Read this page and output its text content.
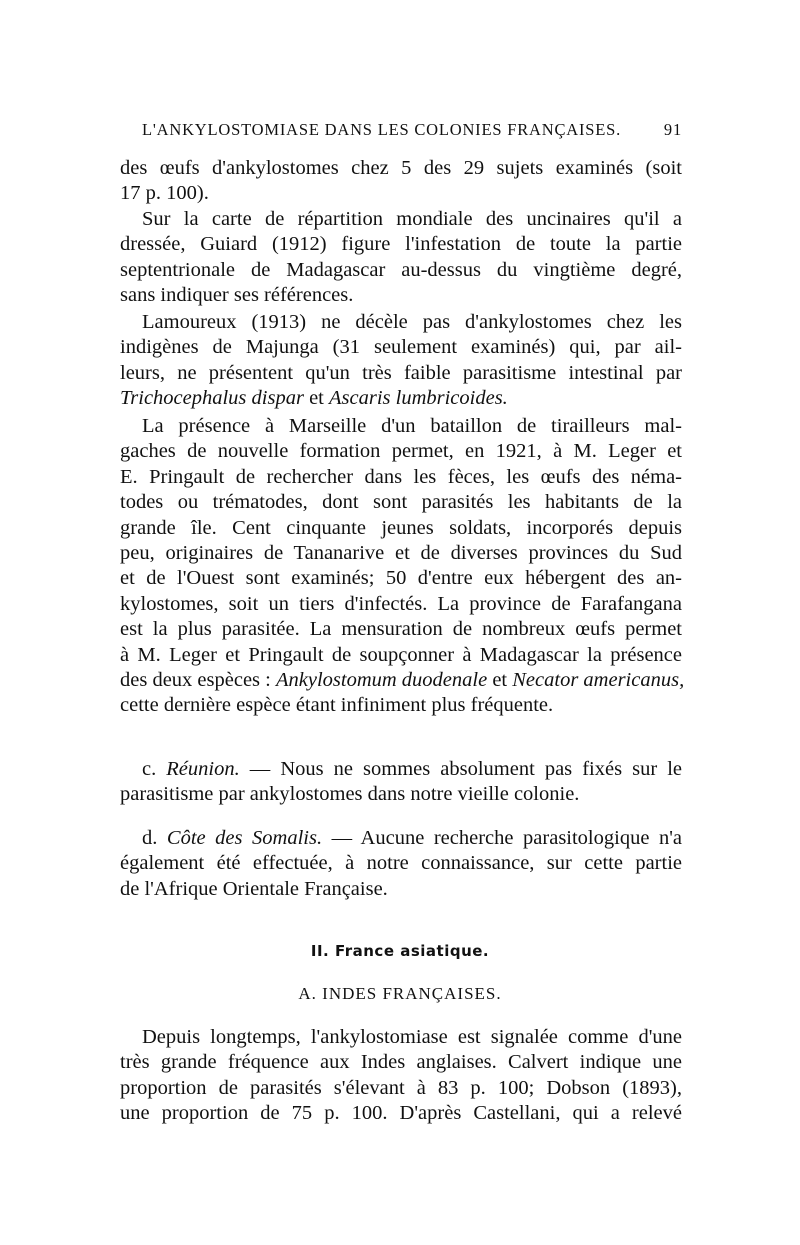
L'ANKYLOSTOMIASE DANS LES COLONIES FRANÇAISES.	91
des œufs d'ankylostomes chez 5 des 29 sujets examinés (soit
17 p. 100).
Sur la carte de répartition mondiale des uncinaires qu'il a
dressée, Guiard (1912) figure l'infestation de toute la partie
septentrionale de Madagascar au-dessus du vingtième degré,
sans indiquer ses références.
Lamoureux (1913) ne décèle pas d'ankylostomes chez les
indigènes de Majunga (31 seulement examinés) qui, par ail-
leurs, ne présentent qu'un très faible parasitisme intestinal par
Trichocephalus dispar et Ascaris lumbricoides.
La présence à Marseille d'un bataillon de tirailleurs mal-
gaches de nouvelle formation permet, en 1921, à M. Leger et
E. Pringault de rechercher dans les fèces, les œufs des néma-
todes ou trématodes, dont sont parasités les habitants de la
grande île. Cent cinquante jeunes soldats, incorporés depuis
peu, originaires de Tananarive et de diverses provinces du Sud
et de l'Ouest sont examinés; 50 d'entre eux hébergent des an-
kylostomes, soit un tiers d'infectés. La province de Farafangana
est la plus parasitée. La mensuration de nombreux œufs permet
à M. Leger et Pringault de soupçonner à Madagascar la présence
des deux espèces : Ankylostomum duodenale et Necator americanus,
cette dernière espèce étant infiniment plus fréquente.
c. Réunion. — Nous ne sommes absolument pas fixés sur le
parasitisme par ankylostomes dans notre vieille colonie.
d. Côte des Somalis. — Aucune recherche parasitologique n'a
également été effectuée, à notre connaissance, sur cette partie
de l'Afrique Orientale Française.
II. France asiatique.
A. INDES FRANÇAISES.
Depuis longtemps, l'ankylostomiase est signalée comme d'une
très grande fréquence aux Indes anglaises. Calvert indique une
proportion de parasités s'élevant à 83 p. 100; Dobson (1893),
une proportion de 75 p. 100. D'après Castellani, qui a relevé
